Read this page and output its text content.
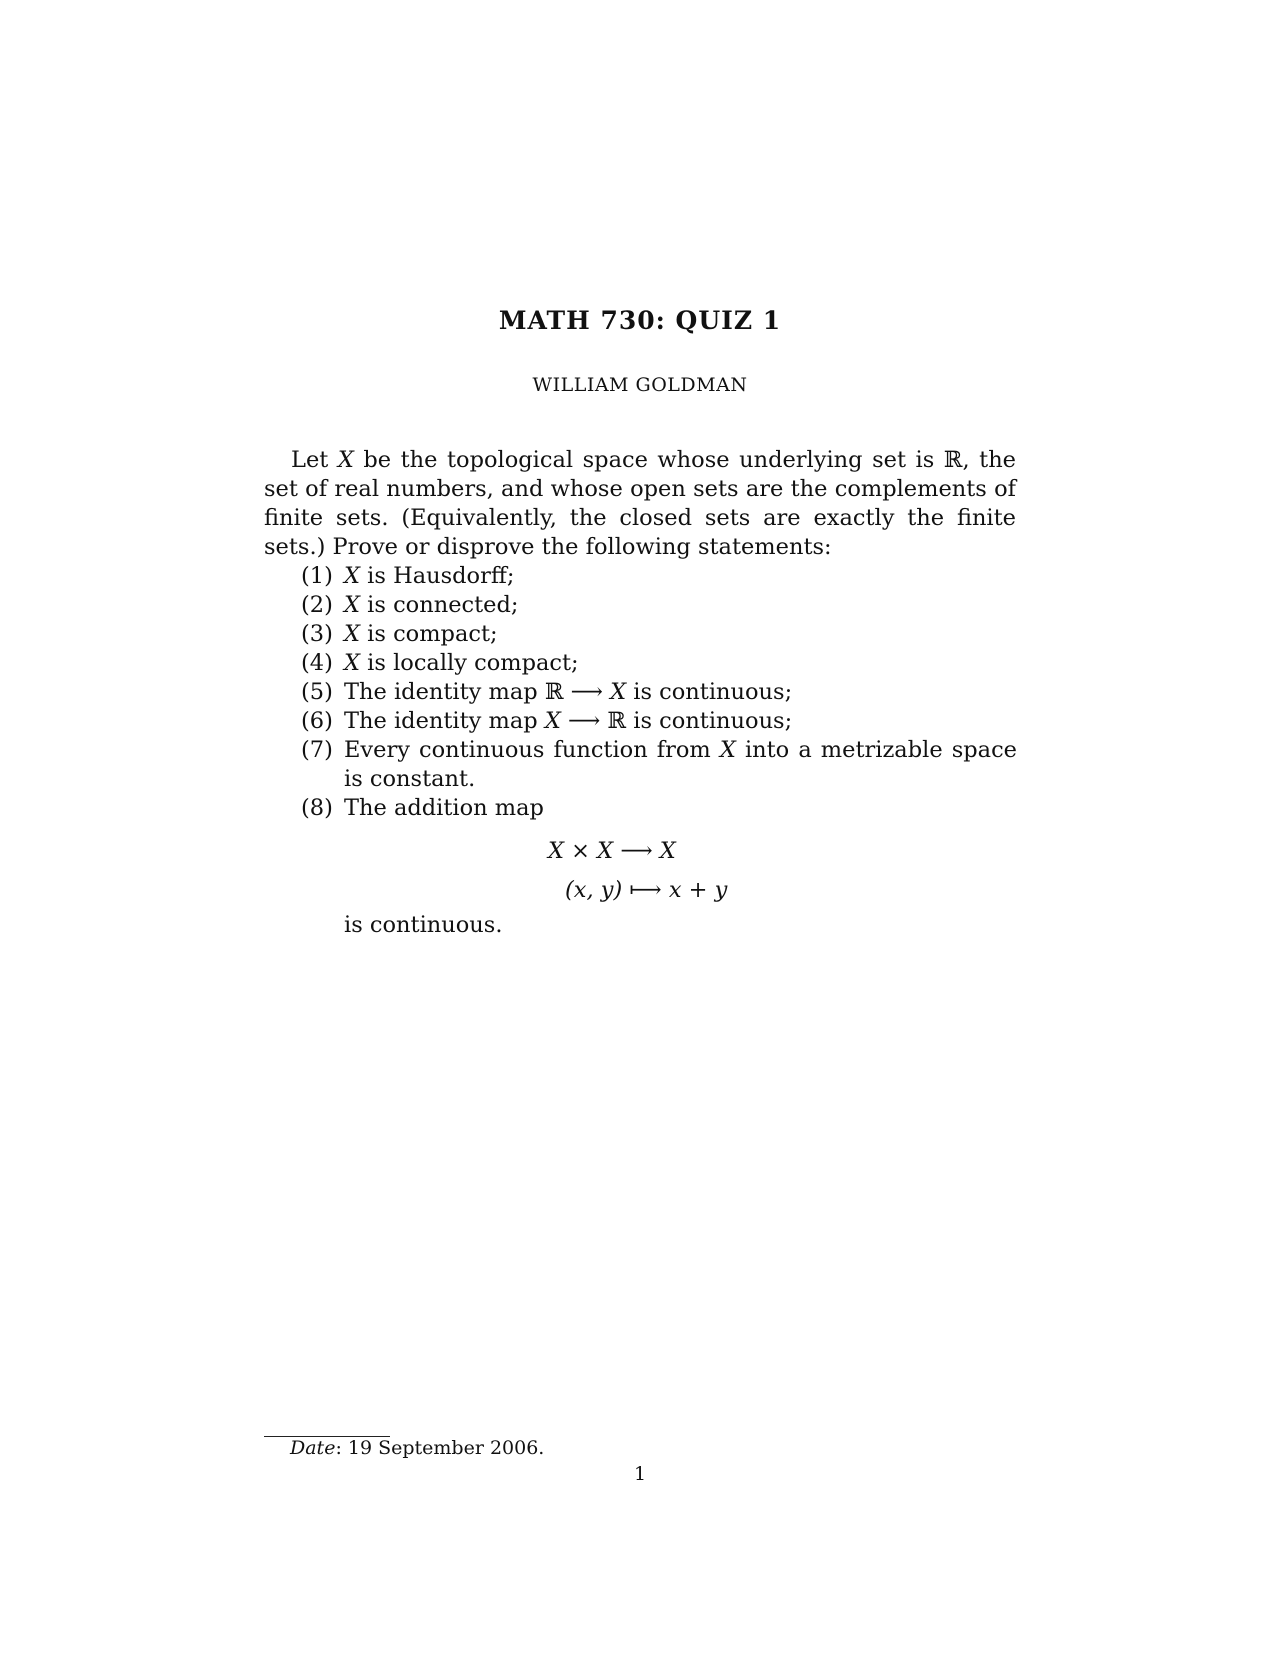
MATH 730: QUIZ 1
WILLIAM GOLDMAN
Let X be the topological space whose underlying set is ℝ, the set of real numbers, and whose open sets are the complements of finite sets. (Equivalently, the closed sets are exactly the finite sets.) Prove or disprove the following statements:
(1) X is Hausdorff;
(2) X is connected;
(3) X is compact;
(4) X is locally compact;
(5) The identity map ℝ ⟶ X is continuous;
(6) The identity map X ⟶ ℝ is continuous;
(7) Every continuous function from X into a metrizable space is constant.
(8) The addition map
X × X ⟶ X
(x, y) ⟼ x + y
is continuous.
Date: 19 September 2006.
1
